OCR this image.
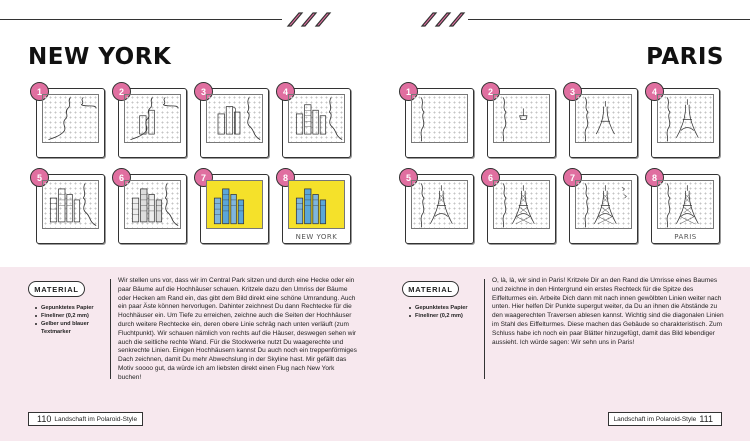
NEW YORK	PARIS
1	2	3	4
5	6	7	8
NEW YORK
1	2	3	4
5	6	7	8
PARIS
MATERIAL
Gepunktetes Papier
Fineliner (0,2 mm)
Gelber und blauer Textmarker

Wir stellen uns vor, dass wir im Central Park sitzen und durch eine Hecke oder ein paar Bäume auf die Hochhäuser schauen. Kritzele dazu den Umriss der Bäume oder Hecken am Rand ein, das gibt dem Bild direkt eine schöne Umrandung. Auch ein paar Äste können hervorlugen. Dahinter zeichnest Du dann Rechtecke für die Hochhäuser ein. Um Tiefe zu erreichen, zeichne auch die Seiten der Hochhäuser durch weitere Rechtecke ein, deren obere Linie schräg nach unten verläuft (zum Fluchtpunkt). Wir schauen nämlich von rechts auf die Häuser, deswegen sehen wir auch die seitliche rechte Wand. Für die Stockwerke nutzt Du waagerechte und senkrechte Linien. Einigen Hochhäusern kannst Du auch noch ein treppenförmiges Dach zeichnen, damit Du mehr Abwechslung in der Skyline hast. Mir gefällt das Motiv soooo gut, da würde ich am liebsten direkt einen Flug nach New York buchen!

MATERIAL
Gepunktetes Papier
Fineliner (0,2 mm)

O, là, là, wir sind in Paris! Kritzele Dir an den Rand die Umrisse eines Baumes und zeichne in den Hintergrund ein erstes Rechteck für die Spitze des Eiffelturmes ein. Arbeite Dich dann mit nach innen gewölbten Linien weiter nach unten. Hier helfen Dir Punkte supergut weiter, da Du an ihnen die Abstände zu den waagerechten Traversen ablesen kannst. Wichtig sind die diagonalen Linien im Stahl des Eiffelturmes. Diese machen das Gebäude so charakteristisch. Zum Schluss habe ich noch ein paar Blätter hinzugefügt, damit das Bild lebendiger aussieht. Ich würde sagen: Wir sehn uns in Paris!

110 Landschaft im Polaroid-Style	Landschaft im Polaroid-Style 111
